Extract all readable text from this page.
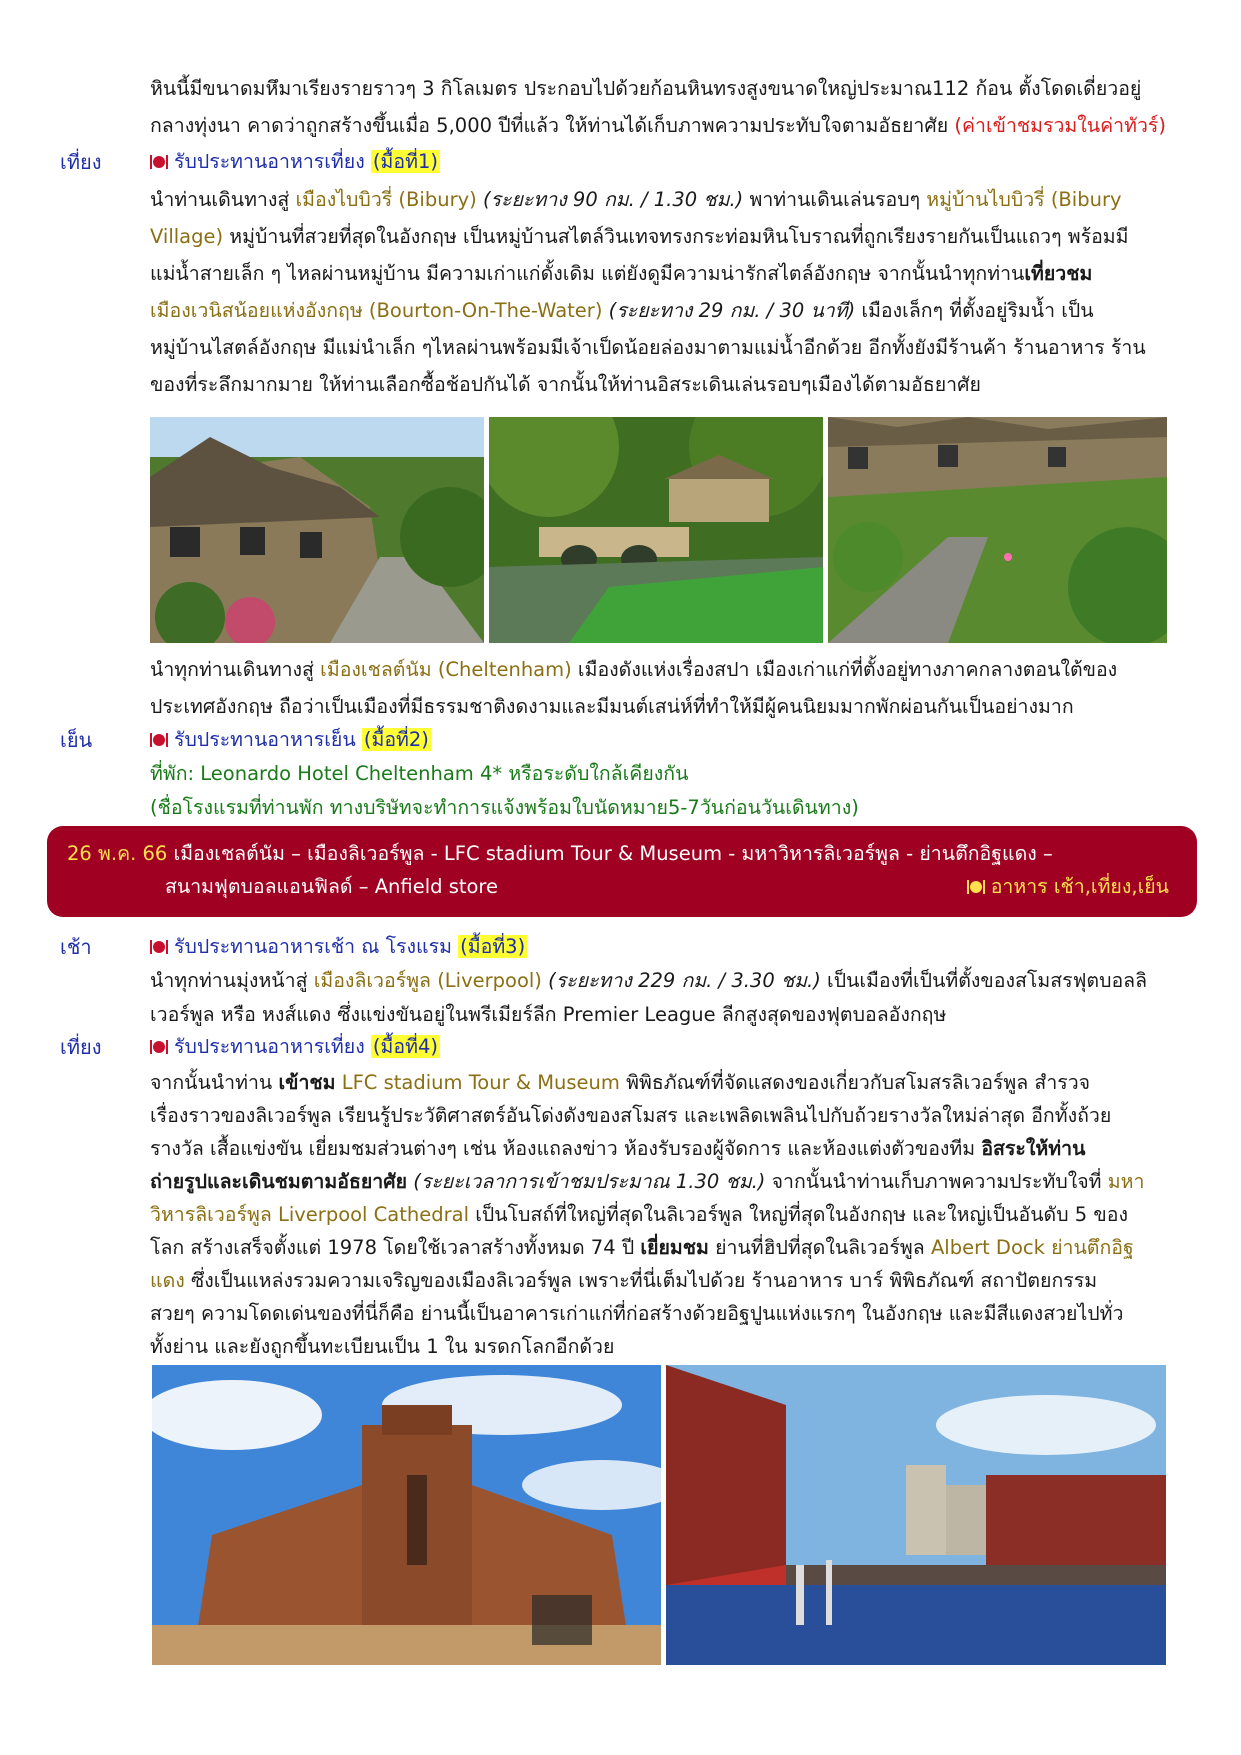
หินนี้มีขนาดมหึมาเรียงรายราวๆ 3 กิโลเมตร ประกอบไปด้วยก้อนหินทรงสูงขนาดใหญ่ประมาณ112 ก้อน ตั้งโดดเดี่ยวอยู่
กลางทุ่งนา คาดว่าถูกสร้างขึ้นเมื่อ 5,000 ปีที่แล้ว ให้ท่านได้เก็บภาพความประทับใจตามอัธยาศัย (ค่าเข้าชมรวมในค่าทัวร์)
เที่ยง	รับประทานอาหารเที่ยง (มื้อที่1)
นำท่านเดินทางสู่ เมืองไบบิวรี่ (Bibury) (ระยะทาง 90 กม. / 1.30 ชม.) พาท่านเดินเล่นรอบๆ หมู่บ้านไบบิวรี่ (Bibury
Village) หมู่บ้านที่สวยที่สุดในอังกฤษ เป็นหมู่บ้านสไตล์วินเทจทรงกระท่อมหินโบราณที่ถูกเรียงรายกันเป็นแถวๆ พร้อมมี
แม่น้ำสายเล็ก ๆ ไหลผ่านหมู่บ้าน มีความเก่าแก่ดั้งเดิม แต่ยังดูมีความน่ารักสไตล์อังกฤษ จากนั้นนำทุกท่านเที่ยวชม
เมืองเวนิสน้อยแห่งอังกฤษ (Bourton-On-The-Water) (ระยะทาง 29 กม. / 30 นาที) เมืองเล็กๆ ที่ตั้งอยู่ริมน้ำ เป็น
หมู่บ้านไสตล์อังกฤษ มีแม่นำเล็ก ๆไหลผ่านพร้อมมีเจ้าเป็ดน้อยล่องมาตามแม่น้ำอีกด้วย อีกทั้งยังมีร้านค้า ร้านอาหาร ร้าน
ของที่ระลึกมากมาย ให้ท่านเลือกซื้อช้อปกันได้ จากนั้นให้ท่านอิสระเดินเล่นรอบๆเมืองได้ตามอัธยาศัย
นำทุกท่านเดินทางสู่ เมืองเชลต์นัม (Cheltenham) เมืองดังแห่งเรื่องสปา เมืองเก่าแก่ที่ตั้งอยู่ทางภาคกลางตอนใต้ของ
ประเทศอังกฤษ ถือว่าเป็นเมืองที่มีธรรมชาติงดงามและมีมนต์เสน่ห์ที่ทำให้มีผู้คนนิยมมากพักผ่อนกันเป็นอย่างมาก
เย็น	รับประทานอาหารเย็น (มื้อที่2)
ที่พัก: Leonardo Hotel Cheltenham 4* หรือระดับใกล้เคียงกัน
(ชื่อโรงแรมที่ท่านพัก ทางบริษัทจะทำการแจ้งพร้อมใบนัดหมาย5-7วันก่อนวันเดินทาง)
26 พ.ค. 66 เมืองเชลต์นัม – เมืองลิเวอร์พูล - LFC stadium Tour & Museum - มหาวิหารลิเวอร์พูล - ย่านตึกอิฐแดง –
สนามฟุตบอลแอนฟิลด์ – Anfield store	อาหาร เช้า,เที่ยง,เย็น
เช้า	รับประทานอาหารเช้า ณ โรงแรม (มื้อที่3)
นำทุกท่านมุ่งหน้าสู่ เมืองลิเวอร์พูล (Liverpool) (ระยะทาง 229 กม. / 3.30 ชม.) เป็นเมืองที่เป็นที่ตั้งของสโมสรฟุตบอลลิ
เวอร์พูล หรือ หงส์แดง ซึ่งแข่งขันอยู่ในพรีเมียร์ลีก Premier League ลีกสูงสุดของฟุตบอลอังกฤษ
เที่ยง	รับประทานอาหารเที่ยง (มื้อที่4)
จากนั้นนำท่าน เข้าชม LFC stadium Tour & Museum พิพิธภัณฑ์ที่จัดแสดงของเกี่ยวกับสโมสรลิเวอร์พูล สำรวจ
เรื่องราวของลิเวอร์พูล เรียนรู้ประวัติศาสตร์อันโด่งดังของสโมสร และเพลิดเพลินไปกับถ้วยรางวัลใหม่ล่าสุด อีกทั้งถ้วย
รางวัล เสื้อแข่งขัน เยี่ยมชมส่วนต่างๆ เช่น ห้องแถลงข่าว ห้องรับรองผู้จัดการ และห้องแต่งตัวของทีม อิสระให้ท่าน
ถ่ายรูปและเดินชมตามอัธยาศัย (ระยะเวลาการเข้าชมประมาณ 1.30 ชม.) จากนั้นนำท่านเก็บภาพความประทับใจที่ มหา
วิหารลิเวอร์พูล Liverpool Cathedral เป็นโบสถ์ที่ใหญ่ที่สุดในลิเวอร์พูล ใหญ่ที่สุดในอังกฤษ และใหญ่เป็นอันดับ 5 ของ
โลก สร้างเสร็จตั้งแต่ 1978 โดยใช้เวลาสร้างทั้งหมด 74 ปี เยี่ยมชม ย่านที่ฮิปที่สุดในลิเวอร์พูล Albert Dock ย่านตึกอิฐ
แดง ซึ่งเป็นแหล่งรวมความเจริญของเมืองลิเวอร์พูล เพราะที่นี่เต็มไปด้วย ร้านอาหาร บาร์ พิพิธภัณฑ์ สถาปัตยกรรม
สวยๆ ความโดดเด่นของที่นี่ก็คือ ย่านนี้เป็นอาคารเก่าแก่ที่ก่อสร้างด้วยอิฐปูนแห่งแรกๆ ในอังกฤษ และมีสีแดงสวยไปทั่ว
ทั้งย่าน และยังถูกขึ้นทะเบียนเป็น 1 ใน มรดกโลกอีกด้วย
